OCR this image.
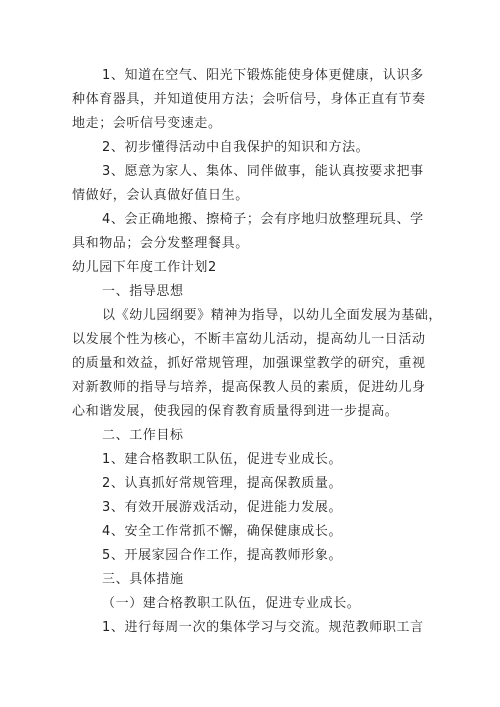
1、知道在空气、阳光下锻炼能使身体更健康，认识多
种体育器具，并知道使用方法；会听信号，身体正直有节奏
地走；会听信号变速走。
2、初步懂得活动中自我保护的知识和方法。
3、愿意为家人、集体、同伴做事，能认真按要求把事
情做好，会认真做好值日生。
4、会正确地搬、擦椅子；会有序地归放整理玩具、学
具和物品；会分发整理餐具。
幼儿园下年度工作计划2
一、指导思想
以《幼儿园纲要》精神为指导，以幼儿全面发展为基础，
以发展个性为核心，不断丰富幼儿活动，提高幼儿一日活动
的质量和效益，抓好常规管理，加强课堂教学的研究，重视
对新教师的指导与培养，提高保教人员的素质，促进幼儿身
心和谐发展，使我园的保育教育质量得到进一步提高。
二、工作目标
1、建合格教职工队伍，促进专业成长。
2、认真抓好常规管理，提高保教质量。
3、有效开展游戏活动，促进能力发展。
4、安全工作常抓不懈，确保健康成长。
5、开展家园合作工作，提高教师形象。
三、具体措施
（一）建合格教职工队伍，促进专业成长。
1、进行每周一次的集体学习与交流。规范教师职工言
